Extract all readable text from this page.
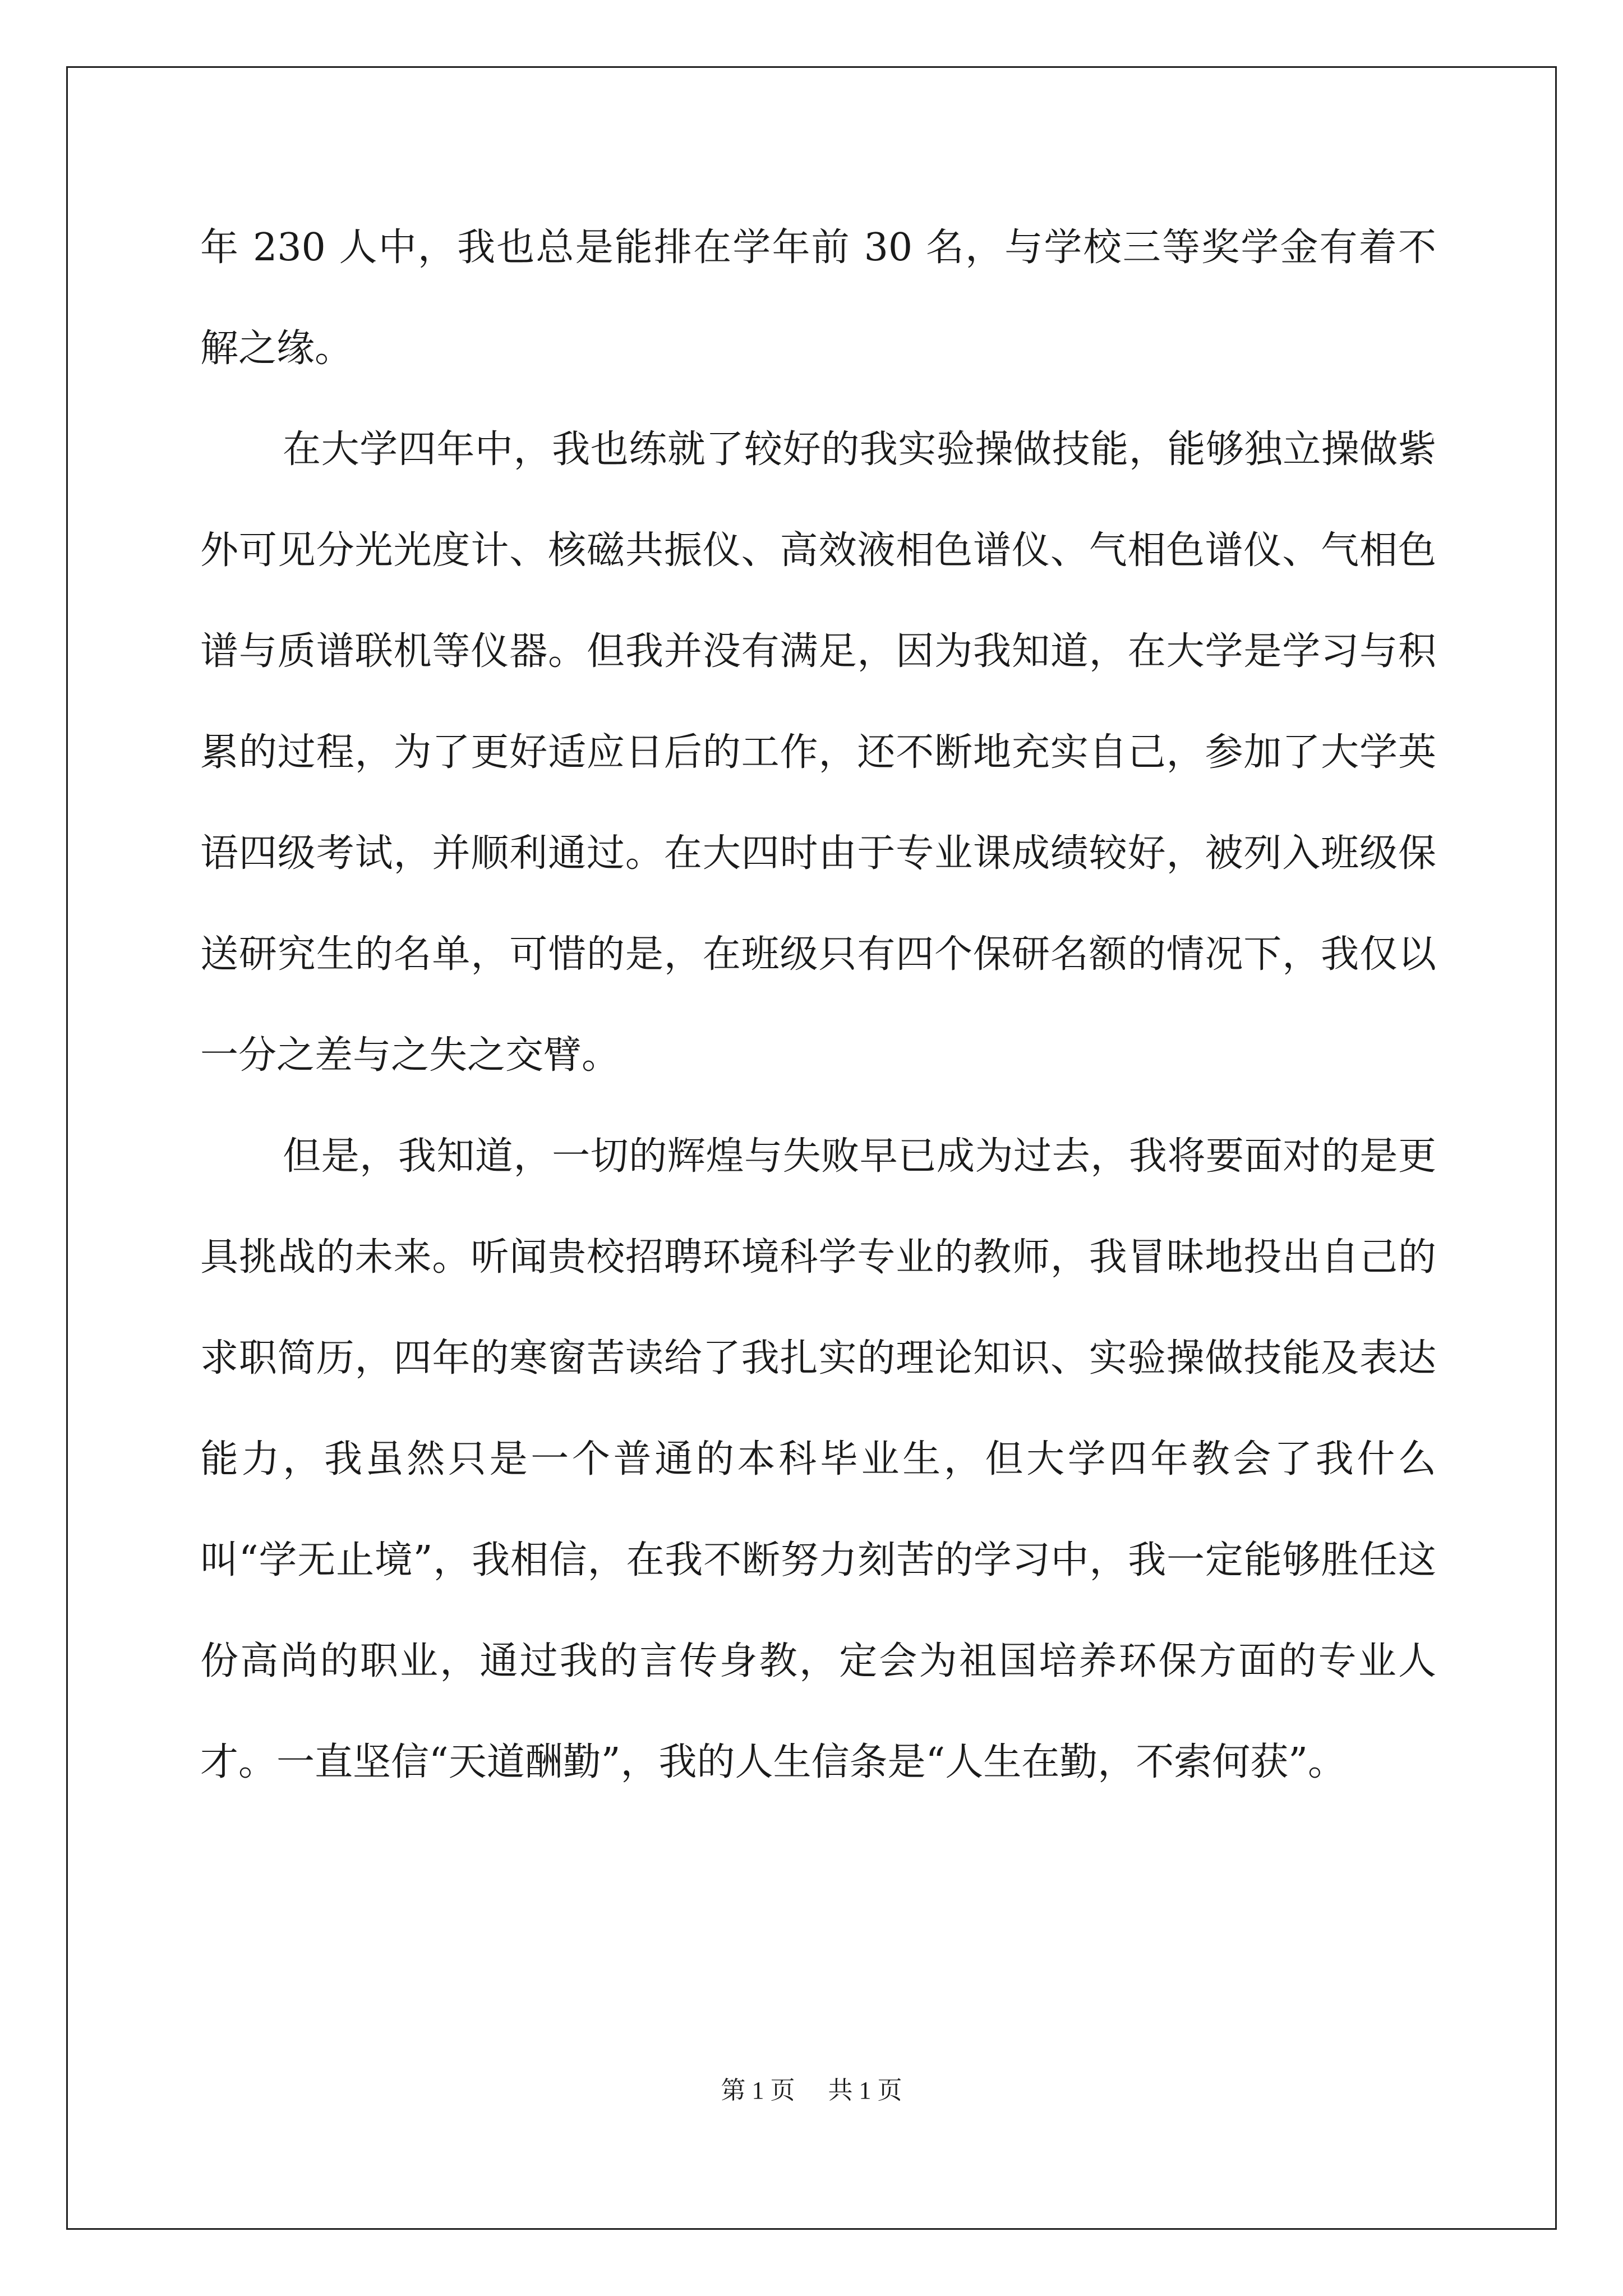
年 230 人中，我也总是能排在学年前 30 名，与学校三等奖学金有着不解之缘。

在大学四年中，我也练就了较好的我实验操做技能，能够独立操做紫外可见分光光度计、核磁共振仪、高效液相色谱仪、气相色谱仪、气相色谱与质谱联机等仪器。但我并没有满足，因为我知道，在大学是学习与积累的过程，为了更好适应日后的工作，还不断地充实自己，参加了大学英语四级考试，并顺利通过。在大四时由于专业课成绩较好，被列入班级保送研究生的名单，可惜的是，在班级只有四个保研名额的情况下，我仅以一分之差与之失之交臂。

但是，我知道，一切的辉煌与失败早已成为过去，我将要面对的是更具挑战的未来。听闻贵校招聘环境科学专业的教师，我冒昧地投出自己的求职简历，四年的寒窗苦读给了我扎实的理论知识、实验操做技能及表达能力，我虽然只是一个普通的本科毕业生，但大学四年教会了我什么叫“学无止境”，我相信，在我不断努力刻苦的学习中，我一定能够胜任这份高尚的职业，通过我的言传身教，定会为祖国培养环保方面的专业人才。一直坚信“天道酬勤”，我的人生信条是“人生在勤，不索何获”。

第 1 页 共 1 页
